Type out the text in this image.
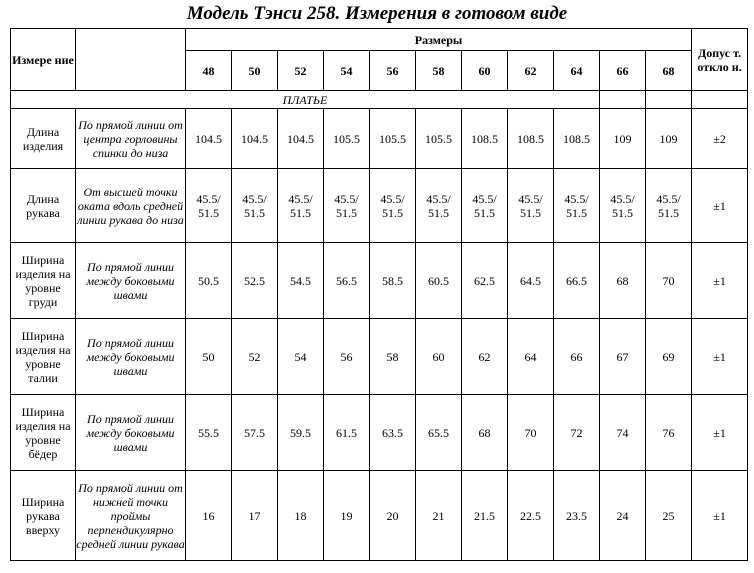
Модель Тэнси 258. Измерения в готовом виде
Измере ние		Размеры											Допус т. откло н.
		48	50	52	54	56	58	60	62	64	66	68	
ПЛАТЬЕ													
Длина изделия	По прямой линии от центра горловины спинки до низа	104.5	104.5	104.5	105.5	105.5	105.5	108.5	108.5	108.5	109	109	±2
Длина рукава	От высшей точки оката вдоль средней линии рукава до низа	45.5/ 51.5	45.5/ 51.5	45.5/ 51.5	45.5/ 51.5	45.5/ 51.5	45.5/ 51.5	45.5/ 51.5	45.5/ 51.5	45.5/ 51.5	45.5/ 51.5	45.5/ 51.5	±1
Ширина изделия на уровне груди	По прямой линии между боковыми швами	50.5	52.5	54.5	56.5	58.5	60.5	62.5	64.5	66.5	68	70	±1
Ширина изделия на уровне талии	По прямой линии между боковыми швами	50	52	54	56	58	60	62	64	66	67	69	±1
Ширина изделия на уровне бёдер	По прямой линии между боковыми швами	55.5	57.5	59.5	61.5	63.5	65.5	68	70	72	74	76	±1
Ширина рукава вверху	По прямой линии от нижней точки проймы перпендикулярно средней линии рукава	16	17	18	19	20	21	21.5	22.5	23.5	24	25	±1
